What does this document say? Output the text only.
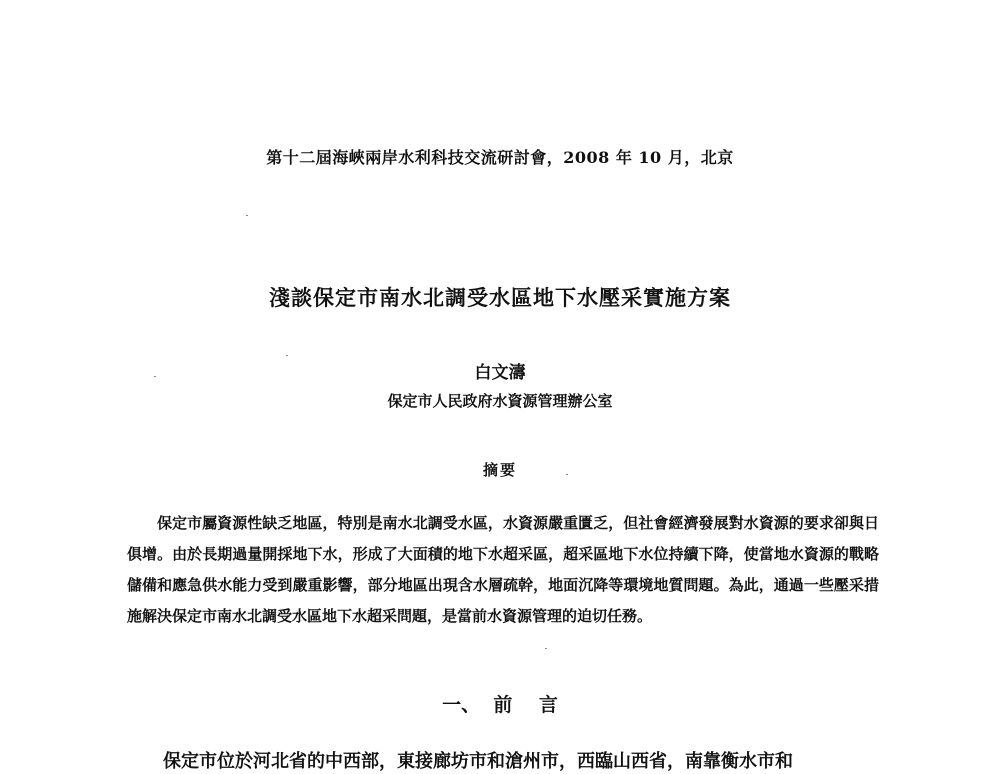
第十二屆海峽兩岸水利科技交流研討會，2008 年 10 月，北京
淺談保定市南水北調受水區地下水壓采實施方案
白文濤
保定市人民政府水資源管理辦公室
摘要

保定市屬資源性缺乏地區，特別是南水北調受水區，水資源嚴重匱乏，但社會經濟發展對水資源的要求卻與日俱增。由於長期過量開採地下水，形成了大面積的地下水超采區，超采區地下水位持續下降，使當地水資源的戰略儲備和應急供水能力受到嚴重影響，部分地區出現含水層疏幹，地面沉降等環境地質問題。為此，通過一些壓采措施解決保定市南水北調受水區地下水超采問題，是當前水資源管理的迫切任務。

一、  前    言

保定市位於河北省的中西部，東接廊坊市和滄州市，西臨山西省，南靠衡水市和
